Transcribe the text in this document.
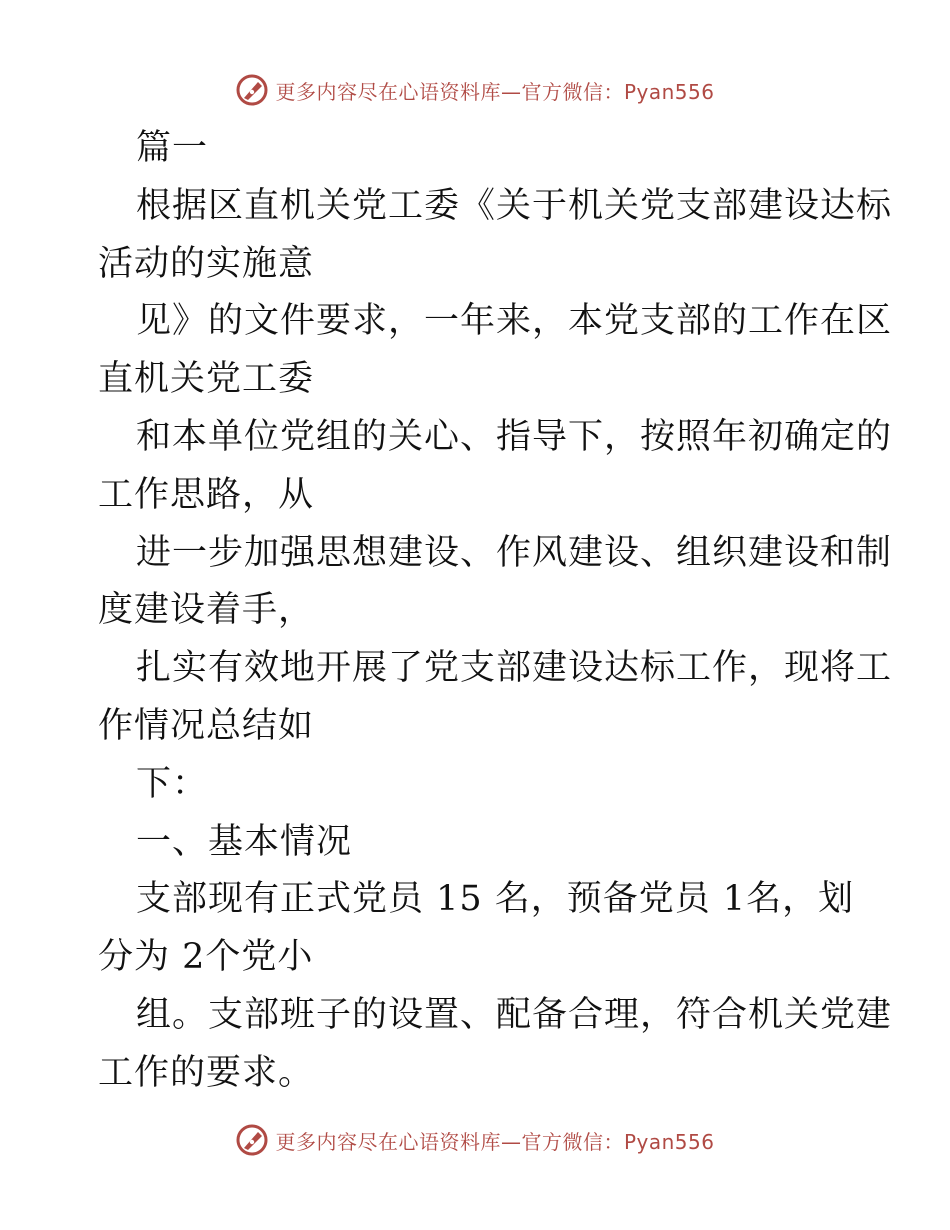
更多内容尽在心语资料库—官方微信：Pyan556
篇一
根据区直机关党工委《关于机关党支部建设达标
活动的实施意
见》的文件要求，一年来，本党支部的工作在区
直机关党工委
和本单位党组的关心、指导下，按照年初确定的
工作思路，从
进一步加强思想建设、作风建设、组织建设和制
度建设着手，
扎实有效地开展了党支部建设达标工作，现将工
作情况总结如
下：
一、基本情况
支部现有正式党员 15 名，预备党员 1名，划
分为 2个党小
组。支部班子的设置、配备合理，符合机关党建
工作的要求。
更多内容尽在心语资料库—官方微信：Pyan556
